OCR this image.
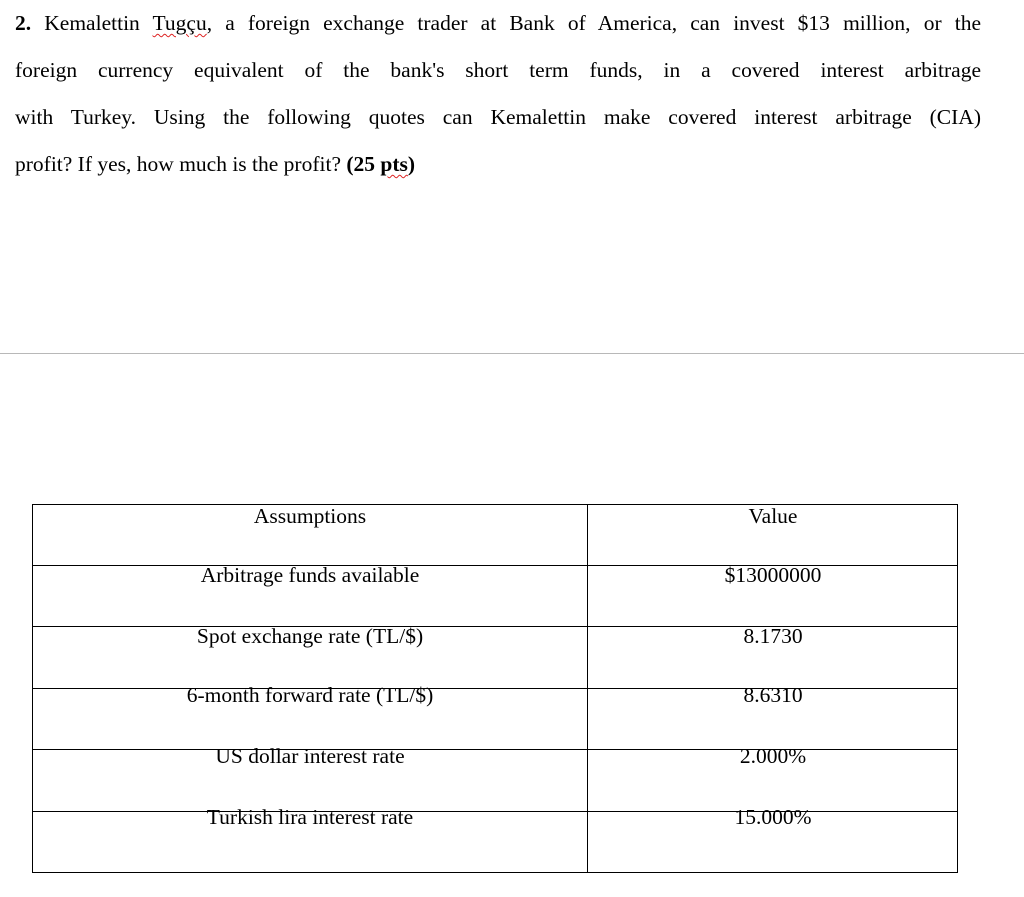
2. Kemalettin Tugçu, a foreign exchange trader at Bank of America, can invest $13 million, or the
foreign currency equivalent of the bank's short term funds, in a covered interest arbitrage
with Turkey. Using the following quotes can Kemalettin make covered interest arbitrage (CIA)
profit? If yes, how much is the profit? (25 pts)
Assumptions	Value
Arbitrage funds available	$13000000
Spot exchange rate (TL/$)	8.1730
6-month forward rate (TL/$)	8.6310
US dollar interest rate	2.000%
Turkish lira interest rate	15.000%
